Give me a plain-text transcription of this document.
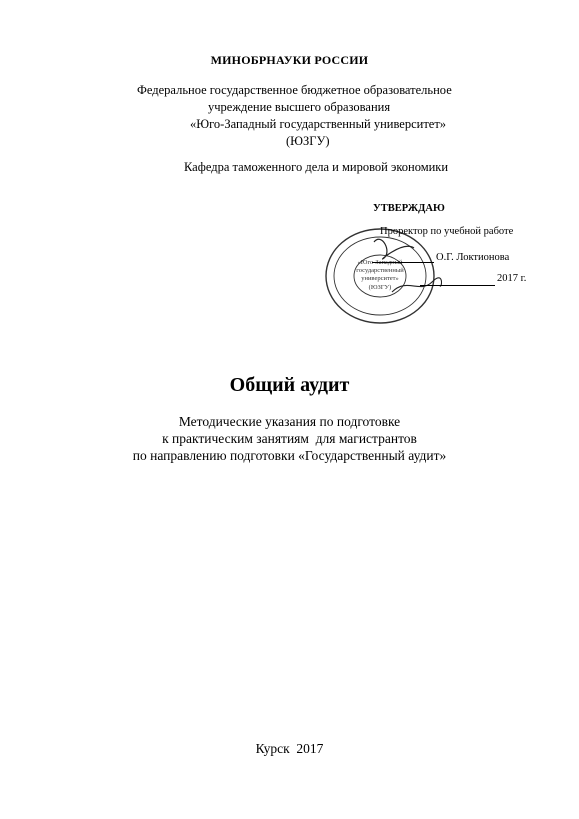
МИНОБРНАУКИ РОССИИ
Федеральное государственное бюджетное образовательное
учреждение высшего образования
«Юго-Западный государственный университет»
(ЮЗГУ)
Кафедра таможенного дела и мировой экономики
«Юго-Западный
государственный
университет»
(ЮЗГУ)
УТВЕРЖДАЮ
Проректор по учебной работе
О.Г. Локтионова
2017 г.
Общий аудит
Методические указания по подготовке
к практическим занятиям  для магистрантов
по направлению подготовки «Государственный аудит»
Курск  2017
